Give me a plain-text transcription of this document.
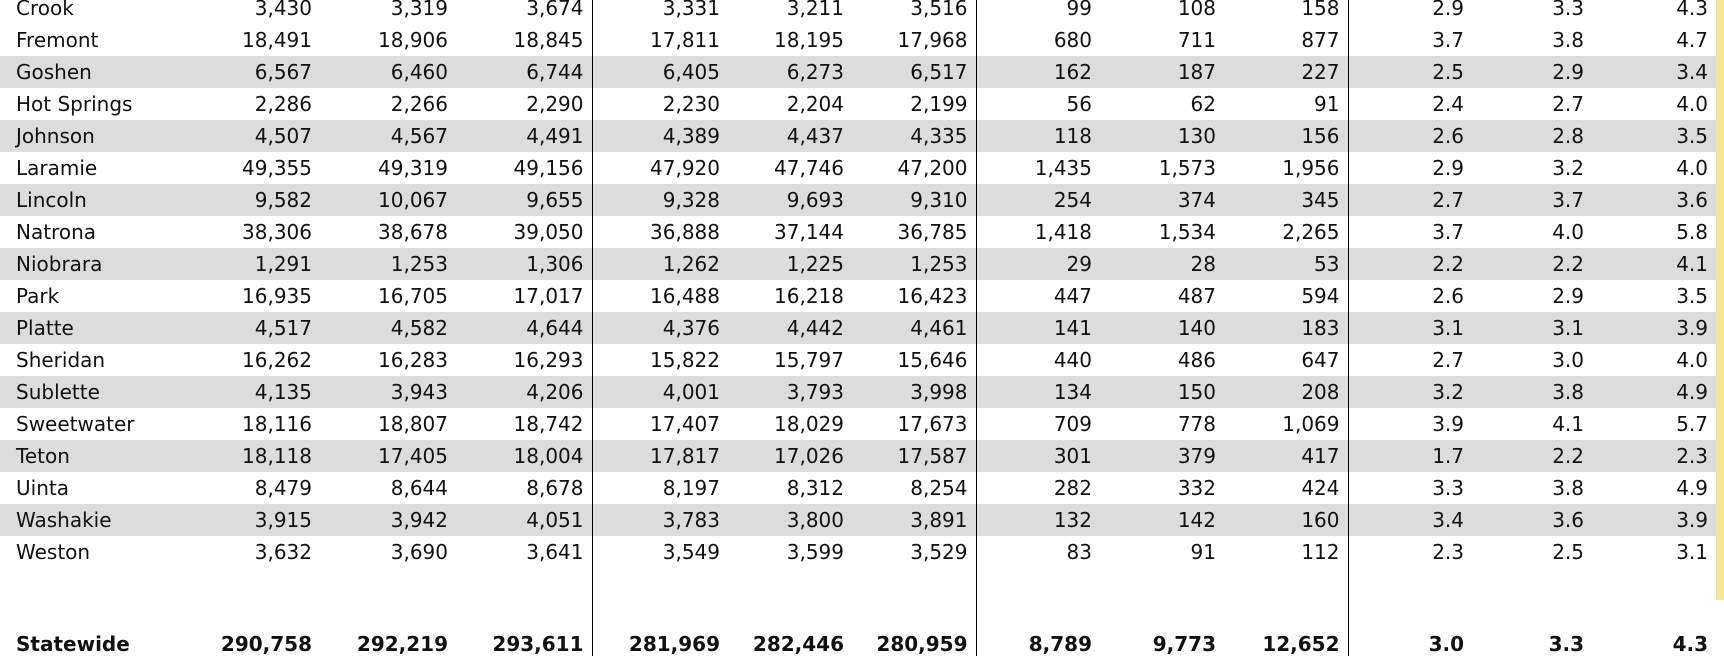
Crook	3,430	3,319	3,674	3,331	3,211	3,516	99	108	158	2.9	3.3	4.3
Fremont	18,491	18,906	18,845	17,811	18,195	17,968	680	711	877	3.7	3.8	4.7
Goshen	6,567	6,460	6,744	6,405	6,273	6,517	162	187	227	2.5	2.9	3.4
Hot Springs	2,286	2,266	2,290	2,230	2,204	2,199	56	62	91	2.4	2.7	4.0
Johnson	4,507	4,567	4,491	4,389	4,437	4,335	118	130	156	2.6	2.8	3.5
Laramie	49,355	49,319	49,156	47,920	47,746	47,200	1,435	1,573	1,956	2.9	3.2	4.0
Lincoln	9,582	10,067	9,655	9,328	9,693	9,310	254	374	345	2.7	3.7	3.6
Natrona	38,306	38,678	39,050	36,888	37,144	36,785	1,418	1,534	2,265	3.7	4.0	5.8
Niobrara	1,291	1,253	1,306	1,262	1,225	1,253	29	28	53	2.2	2.2	4.1
Park	16,935	16,705	17,017	16,488	16,218	16,423	447	487	594	2.6	2.9	3.5
Platte	4,517	4,582	4,644	4,376	4,442	4,461	141	140	183	3.1	3.1	3.9
Sheridan	16,262	16,283	16,293	15,822	15,797	15,646	440	486	647	2.7	3.0	4.0
Sublette	4,135	3,943	4,206	4,001	3,793	3,998	134	150	208	3.2	3.8	4.9
Sweetwater	18,116	18,807	18,742	17,407	18,029	17,673	709	778	1,069	3.9	4.1	5.7
Teton	18,118	17,405	18,004	17,817	17,026	17,587	301	379	417	1.7	2.2	2.3
Uinta	8,479	8,644	8,678	8,197	8,312	8,254	282	332	424	3.3	3.8	4.9
Washakie	3,915	3,942	4,051	3,783	3,800	3,891	132	142	160	3.4	3.6	3.9
Weston	3,632	3,690	3,641	3,549	3,599	3,529	83	91	112	2.3	2.5	3.1

Statewide	290,758	292,219	293,611	281,969	282,446	280,959	8,789	9,773	12,652	3.0	3.3	4.3
